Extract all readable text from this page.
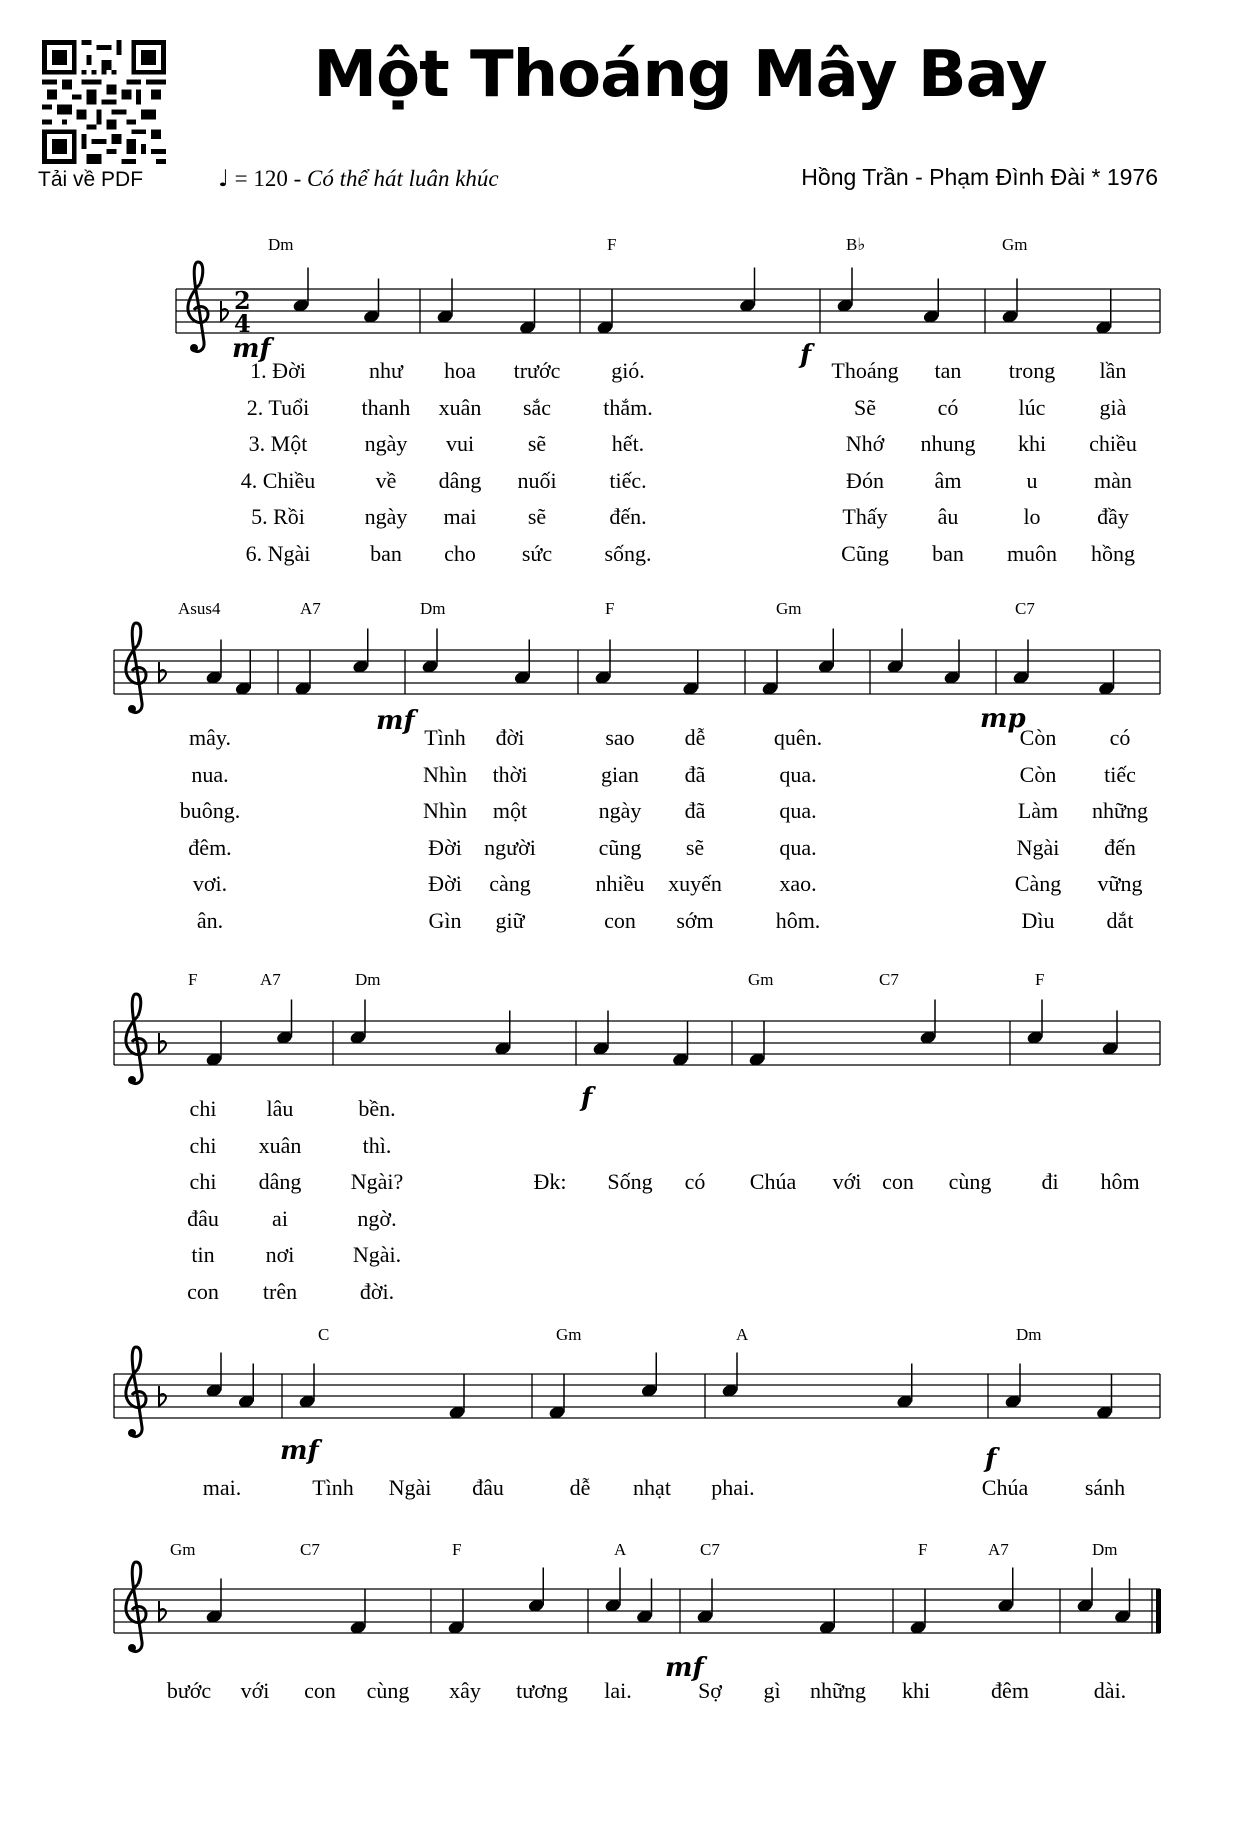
Tải về PDF
Một Thoáng Mây Bay
♩ = 120 - Có thể hát luân khúc	Hồng Trần - Phạm Đình Đài * 1976
2
4
Dm	F	B♭	Gm
mf	f
1. Đời	như hoa trước gió.	Thoáng tan trong lần
2. Tuổi thanh xuân sắc thắm.	Sẽ	có	lúc già
3. Một	ngày vui sẽ	hết.	Nhớ nhung khi chiều
4. Chiều	về dâng nuối tiếc.	Đón âm	u	màn
5. Rồi	ngày mai sẽ	đến.	Thấy âu	lo	đầy
6. Ngài	ban cho sức sống.	Cũng ban muôn hồng
Asus4	A7	Dm	F	Gm	C7
mf	mp
mây.	Tình đời	sao dễ	quên.	Còn có
nua.	Nhìn thời	gian đã	qua.	Còn tiếc
buông.	Nhìn một	ngày đã	qua.	Làm những
đêm.	Đời người	cũng sẽ	qua.	Ngài đến
vơi.	Đời càng	nhiều xuyến	xao.	Càng vững
ân.	Gìn giữ	con sớm	hôm.	Dìu dắt
F	A7	Dm	Gm	C7	F
f
chi lâu	bền.
chi xuân	thì.
chi dâng Ngài?	Đk: Sống có Chúa với con cùng đi hôm
đâu ai	ngờ.
tin nơi	Ngài.
con trên	đời.
C	Gm	A	Dm
mf	f
mai.	Tình Ngài đâu	dễ nhạt phai.	Chúa	sánh
Gm	C7	F	A	C7	F	A7	Dm
mf
bước với con cùng xây tương lai.	Sợ gì những khi	đêm	dài.
